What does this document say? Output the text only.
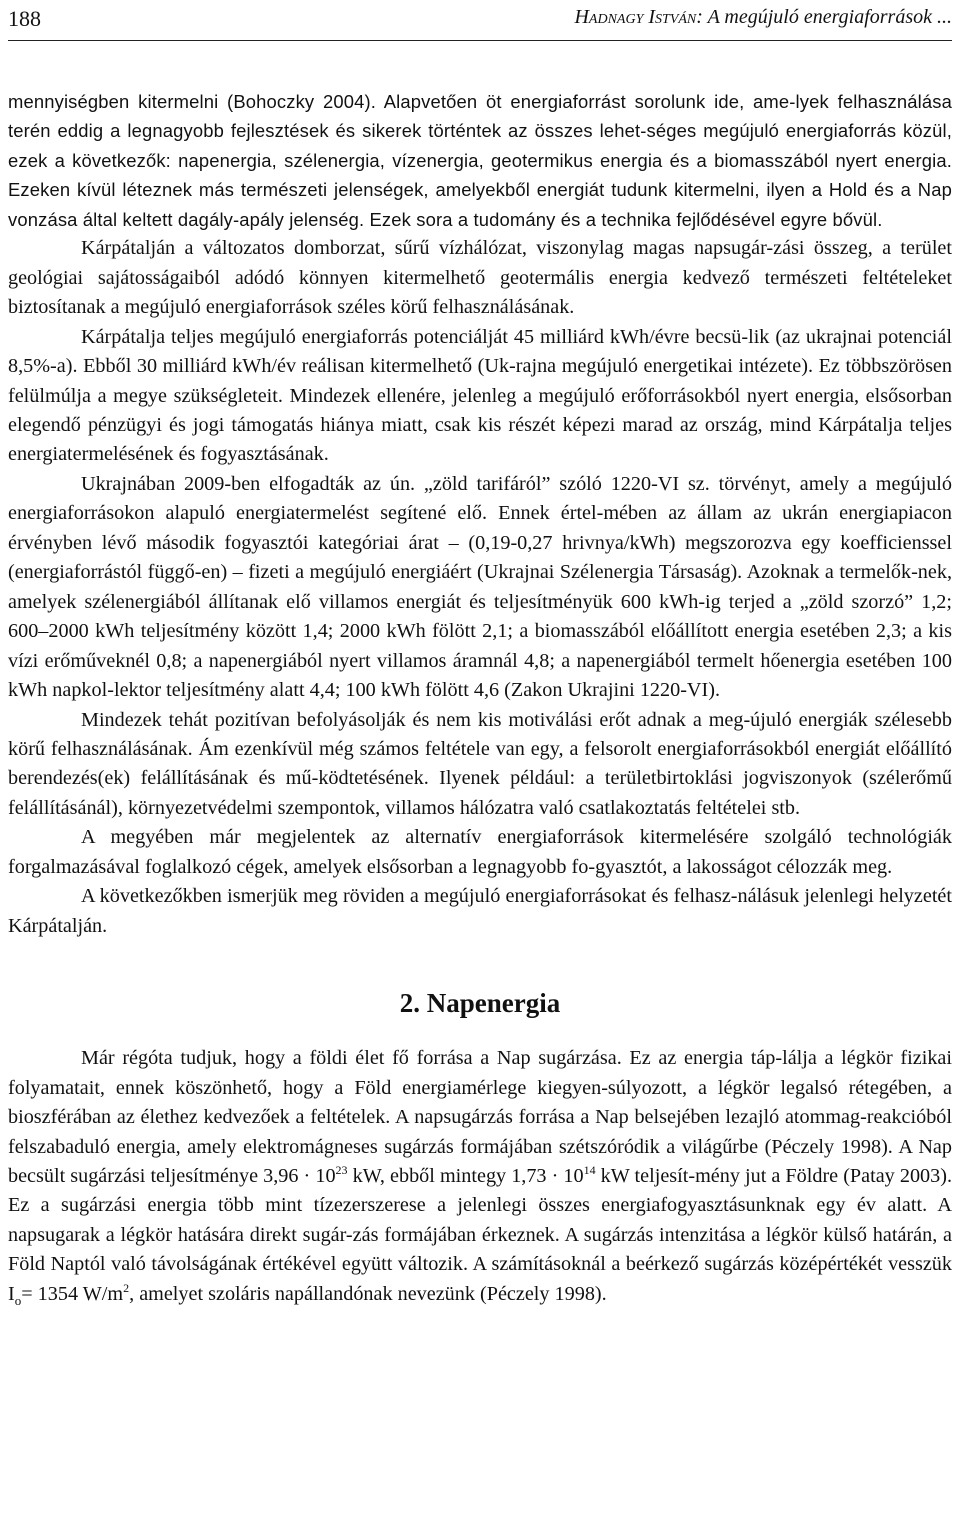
188	Hadnagy István: A megújuló energiaforrások ...

mennyiségben kitermelni (Bohoczky 2004). Alapvetően öt energiaforrást sorolunk ide, ame-lyek felhasználása terén eddig a legnagyobb fejlesztések és sikerek történtek az összes lehet-séges megújuló energiaforrás közül, ezek a következők: napenergia, szélenergia, vízenergia, geotermikus energia és a biomasszából nyert energia. Ezeken kívül léteznek más természeti jelenségek, amelyekből energiát tudunk kitermelni, ilyen a Hold és a Nap vonzása által keltett dagály-apály jelenség. Ezek sora a tudomány és a technika fejlődésével egyre bővül.

Kárpátalján a változatos domborzat, sűrű vízhálózat, viszonylag magas napsugár-zási összeg, a terület geológiai sajátosságaiból adódó könnyen kitermelhető geotermális energia kedvező természeti feltételeket biztosítanak a megújuló energiaforrások széles körű felhasználásának.

Kárpátalja teljes megújuló energiaforrás potenciálját 45 milliárd kWh/évre becsü-lik (az ukrajnai potenciál 8,5%-a). Ebből 30 milliárd kWh/év reálisan kitermelhető (Uk-rajna megújuló energetikai intézete). Ez többszörösen felülmúlja a megye szükségleteit. Mindezek ellenére, jelenleg a megújuló erőforrásokból nyert energia, elsősorban elegendő pénzügyi és jogi támogatás hiánya miatt, csak kis részét képezi marad az ország, mind Kárpátalja teljes energiatermelésének és fogyasztásának.

Ukrajnában 2009-ben elfogadták az ún. „zöld tarifáról” szóló 1220-VI sz. törvényt, amely a megújuló energiaforrásokon alapuló energiatermelést segítené elő. Ennek értel-mében az állam az ukrán energiapiacon érvényben lévő második fogyasztói kategóriai árat – (0,19-0,27 hrivnya/kWh) megszorozva egy koefficienssel (energiaforrástól függő-en) – fizeti a megújuló energiáért (Ukrajnai Szélenergia Társaság). Azoknak a termelők-nek, amelyek szélenergiából állítanak elő villamos energiát és teljesítményük 600 kWh-ig terjed a „zöld szorzó” 1,2; 600–2000 kWh teljesítmény között 1,4; 2000 kWh fölött 2,1; a biomasszából előállított energia esetében 2,3; a kis vízi erőműveknél 0,8; a napenergiából nyert villamos áramnál 4,8; a napenergiából termelt hőenergia esetében 100 kWh napkol-lektor teljesítmény alatt 4,4; 100 kWh fölött 4,6 (Zakon Ukrajini 1220-VI).

Mindezek tehát pozitívan befolyásolják és nem kis motiválási erőt adnak a meg-újuló energiák szélesebb körű felhasználásának. Ám ezenkívül még számos feltétele van egy, a felsorolt energiaforrásokból energiát előállító berendezés(ek) felállításának és mű-ködtetésének. Ilyenek például: a területbirtoklási jogviszonyok (szélerőmű felállításánál), környezetvédelmi szempontok, villamos hálózatra való csatlakoztatás feltételei stb.

A megyében már megjelentek az alternatív energiaforrások kitermelésére szolgáló technológiák forgalmazásával foglalkozó cégek, amelyek elsősorban a legnagyobb fo-gyasztót, a lakosságot célozzák meg.

A következőkben ismerjük meg röviden a megújuló energiaforrásokat és felhasz-nálásuk jelenlegi helyzetét Kárpátalján.

2. Napenergia

Már régóta tudjuk, hogy a földi élet fő forrása a Nap sugárzása. Ez az energia táp-lálja a légkör fizikai folyamatait, ennek köszönhető, hogy a Föld energiamérlege kiegyen-súlyozott, a légkör legalsó rétegében, a bioszférában az élethez kedvezőek a feltételek. A napsugárzás forrása a Nap belsejében lezajló atommag-reakcióból felszabaduló energia, amely elektromágneses sugárzás formájában szétszóródik a világűrbe (Péczely 1998). A Nap becsült sugárzási teljesítménye $3,96 \cdot 10^{23}$ kW, ebből mintegy $1,73 \cdot 10^{14}$ kW teljesít-mény jut a Földre (Patay 2003). Ez a sugárzási energia több mint tízezerszerese a jelenlegi összes energiafogyasztásunknak egy év alatt. A napsugarak a légkör hatására direkt sugár-zás formájában érkeznek. A sugárzás intenzitása a légkör külső határán, a Föld Naptól való távolságának értékével együtt változik. A számításoknál a beérkező sugárzás középértékét vesszük $I_o= 1354$ $W/m^2$, amelyet szoláris napállandónak nevezünk (Péczely 1998).
